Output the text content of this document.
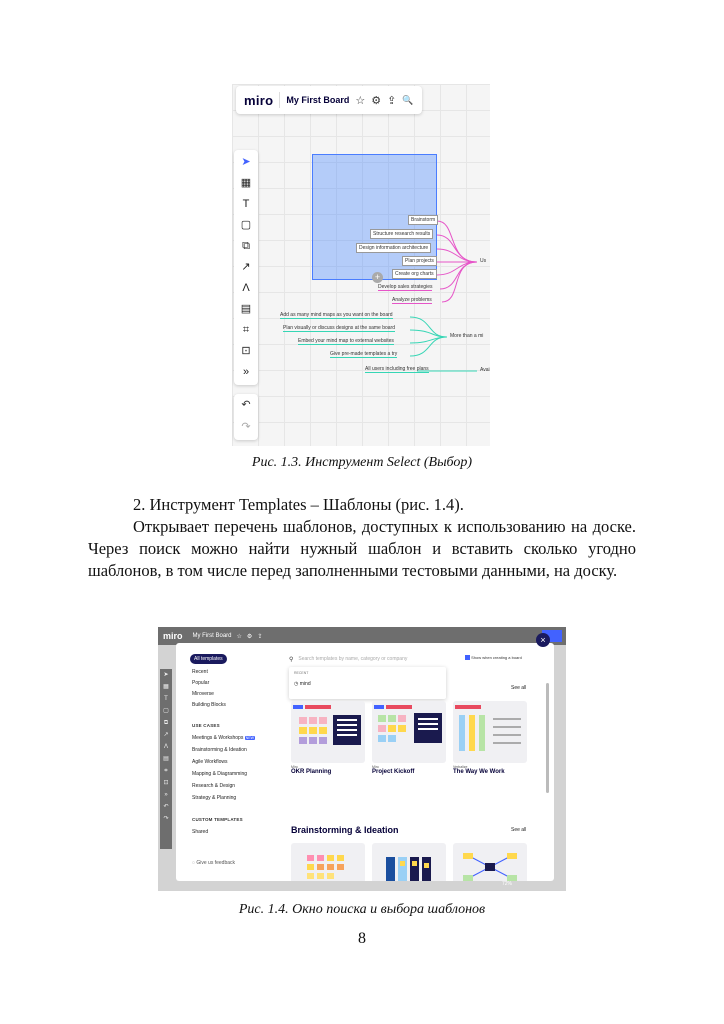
miro My First Board ☆ ⚙ ⇪ 🔍
➤
▦
T
▢
⧉
↗
Λ
▤
⌗
⊡
»
↶
↷
+
Brainstorm
Structure research results
Design information architecture
Plan projects
Create org charts
Develop sales strategies
Analyze problems
Us
Add as many mind maps as you want on the board
Plan visually or discuss designs at the same board
Embed your mind map to external websites
Give pre-made templates a try
More than a mi
All users including free plans	Avai
Рис. 1.3. Инструмент Select (Выбор)
2. Инструмент Templates – Шаблоны (рис. 1.4).
Открывает перечень шаблонов, доступных к использованию на доске. Через поиск можно найти нужный шаблон и вставить сколько угодно шаблонов, в том числе перед заполненными тестовыми данными, на доску.
miro My First Board ☆ ⚙ ⇪
➤
▦
T
▢
⧉
↗
Λ
▤
⌗
⊡
»
↶
↷
All templates
Recent
Popular
Miroverse
Building Blocks
USE CASES
Meetings & Workshops NEW
Brainstorming & Ideation
Agile Workflows
Mapping & Diagramming
Research & Design
Strategy & Planning
CUSTOM TEMPLATES
Shared
◌ Give us feedback
⚲ Search templates by name, category or company	Show when creating a board
RECENT
◷ mind
See all
Miro
OKR Planning
Miro
Project Kickoff
Verbalize
The Way We Work
Brainstorming & Ideation	See all
×
72%
Рис. 1.4. Окно поиска и выбора шаблонов
8
